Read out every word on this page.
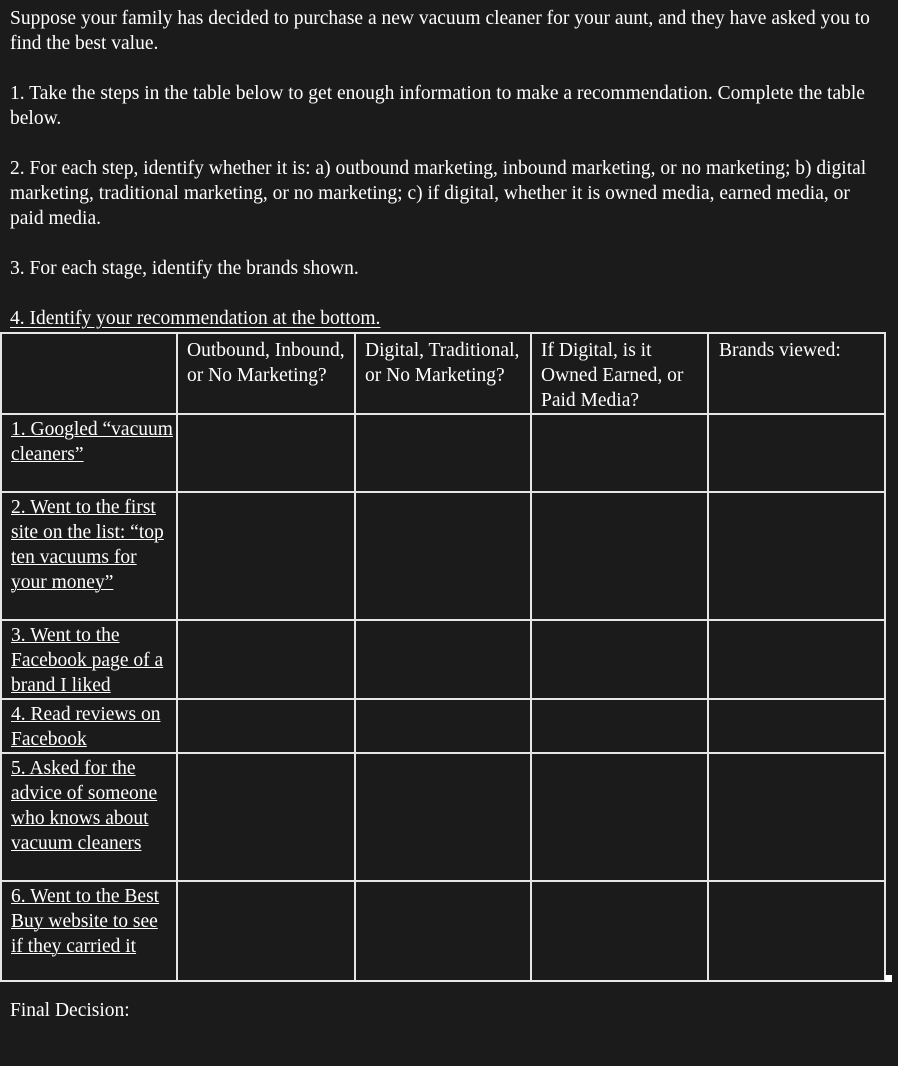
Suppose your family has decided to purchase a new vacuum cleaner for your aunt, and they have asked you to find the best value.

1. Take the steps in the table below to get enough information to make a recommendation. Complete the table below.

2. For each step, identify whether it is: a) outbound marketing, inbound marketing, or no marketing; b) digital marketing, traditional marketing, or no marketing; c) if digital, whether it is owned media, earned media, or paid media.

3. For each stage, identify the brands shown.

4. Identify your recommendation at the bottom.

	Outbound, Inbound, or No Marketing?	Digital, Traditional, or No Marketing?	If Digital, is it Owned Earned, or Paid Media?	Brands viewed:
1. Googled “vacuum cleaners”				
2. Went to the first site on the list: “top ten vacuums for your money”				
3. Went to the Facebook page of a brand I liked				
4. Read reviews on Facebook				
5. Asked for the advice of someone who knows about vacuum cleaners				
6. Went to the Best Buy website to see if they carried it				
Final Decision:
